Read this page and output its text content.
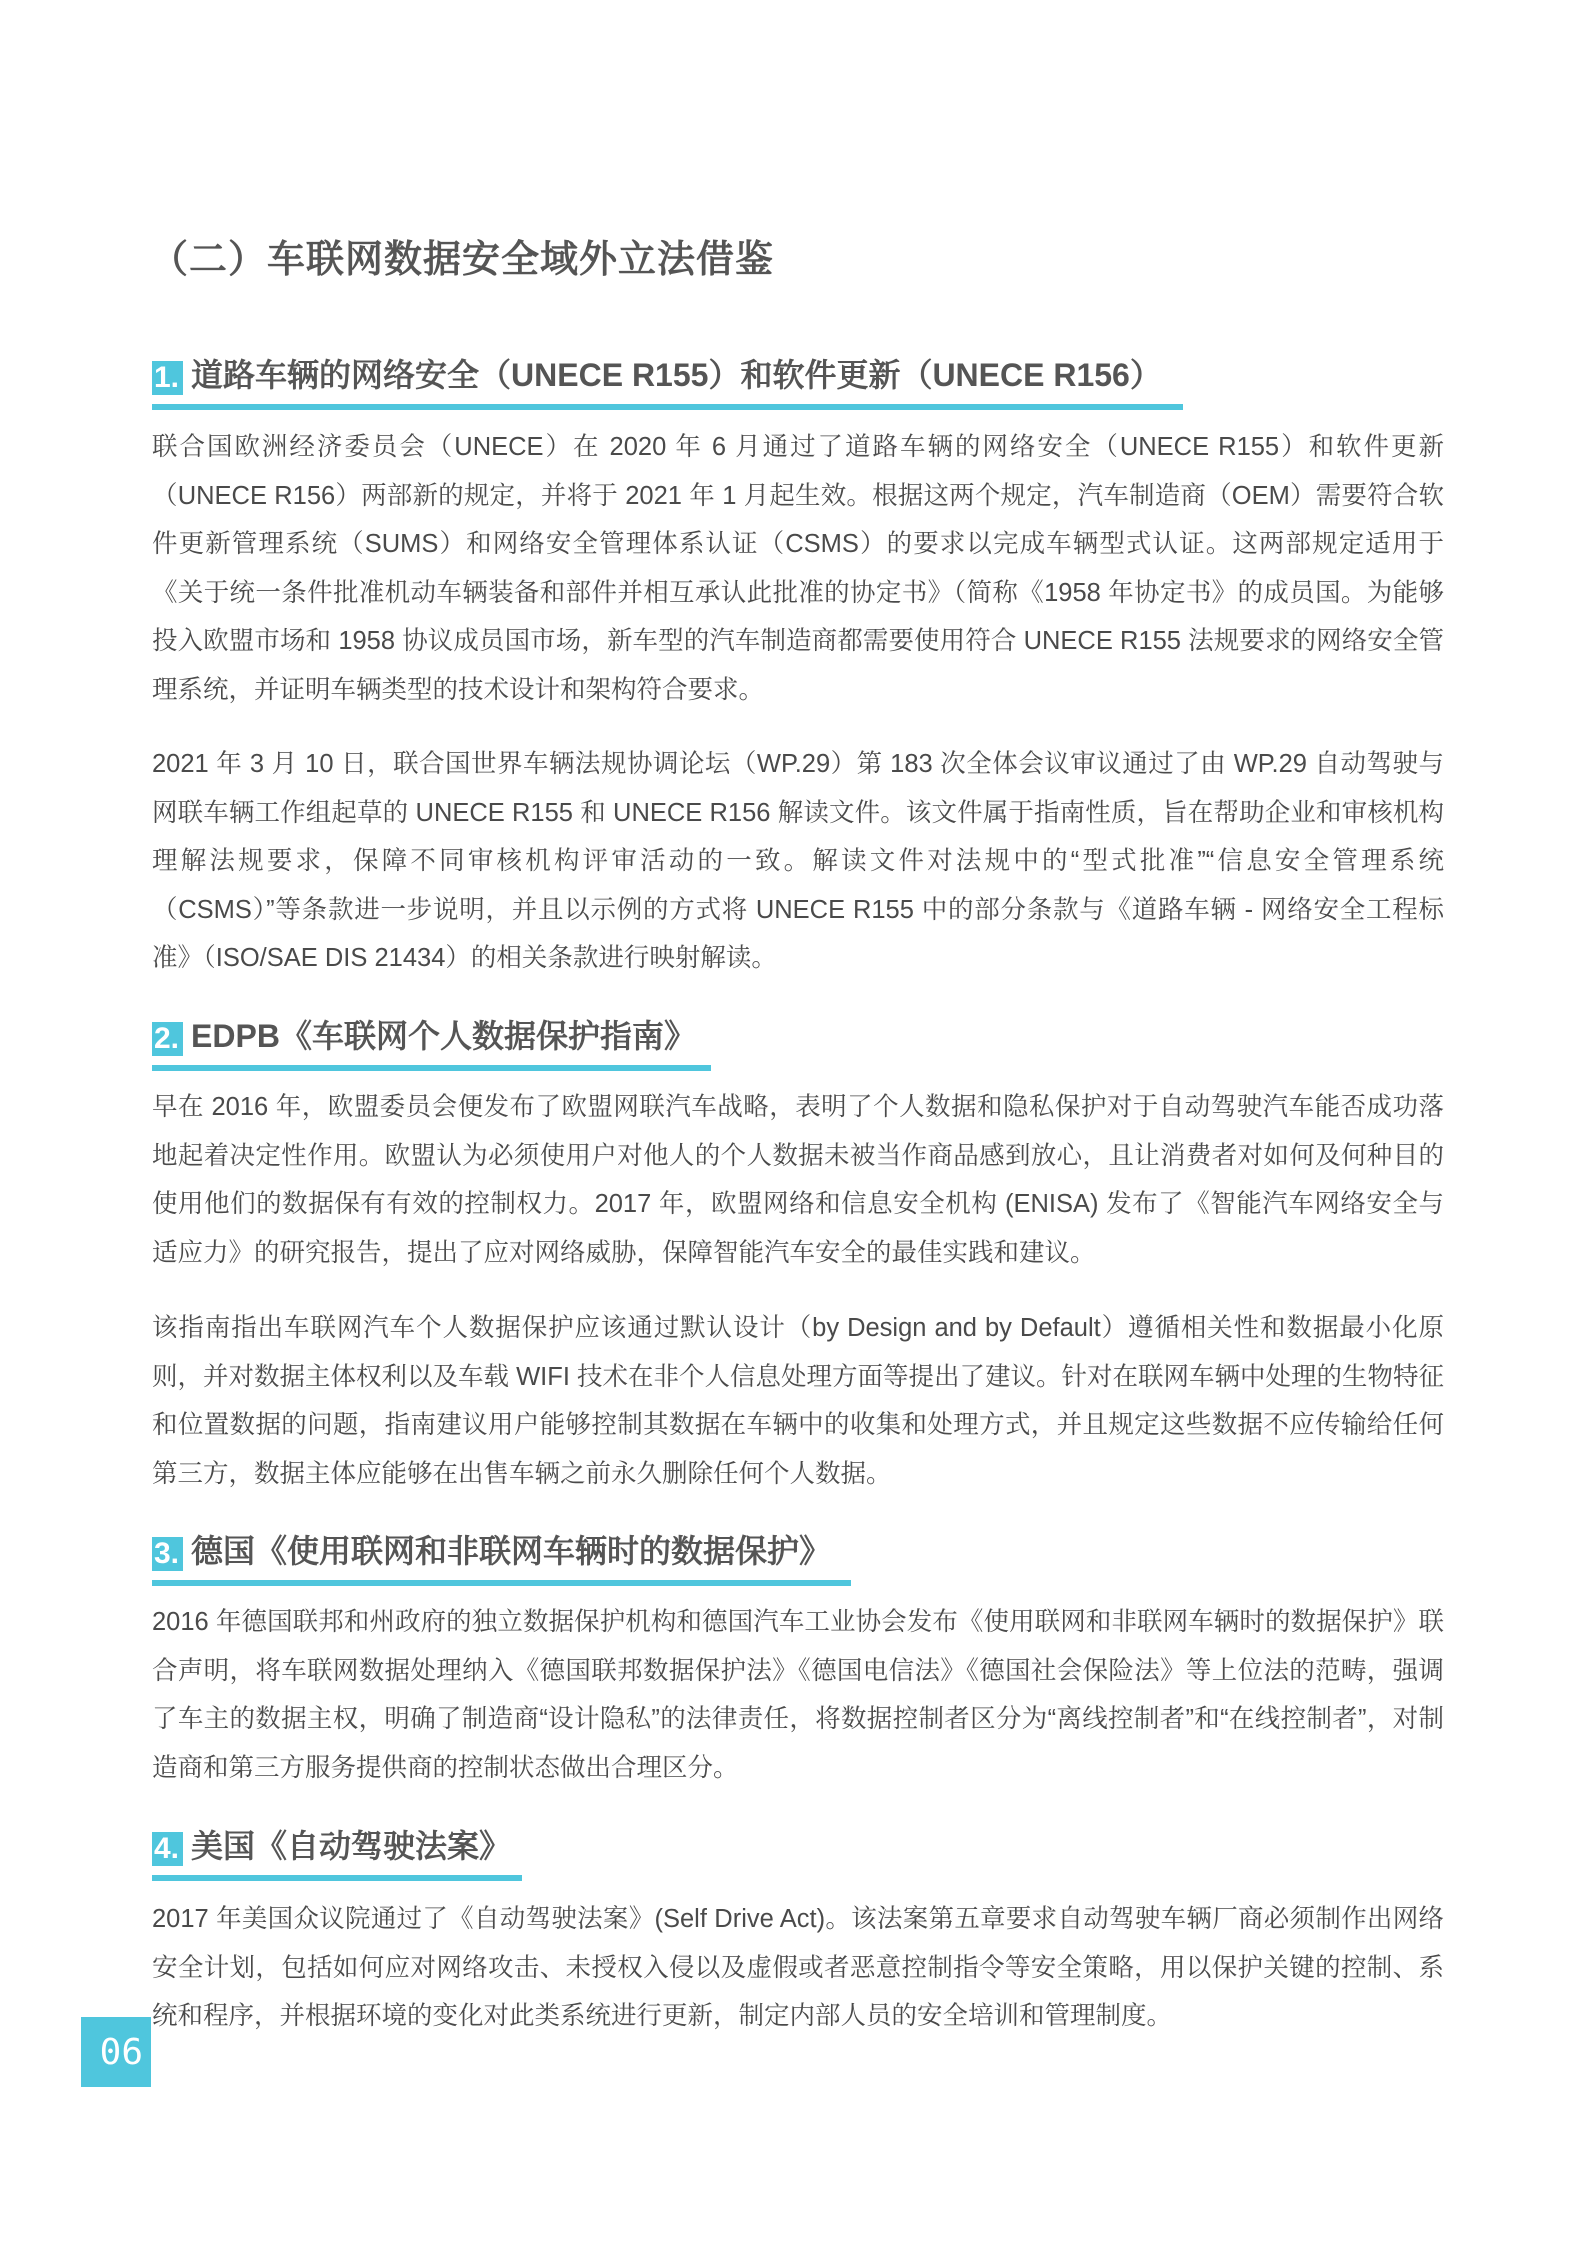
（二）车联网数据安全域外立法借鉴
1. 道路车辆的网络安全（UNECE R155）和软件更新（UNECE R156）
联合国欧洲经济委员会（UNECE）在 2020 年 6 月通过了道路车辆的网络安全（UNECE R155）和软件更新（UNECE R156）两部新的规定，并将于 2021 年 1 月起生效。根据这两个规定，汽车制造商（OEM）需要符合软件更新管理系统（SUMS）和网络安全管理体系认证（CSMS）的要求以完成车辆型式认证。这两部规定适用于《关于统一条件批准机动车辆装备和部件并相互承认此批准的协定书》（简称《1958 年协定书》的成员国。为能够投入欧盟市场和 1958 协议成员国市场，新车型的汽车制造商都需要使用符合 UNECE R155 法规要求的网络安全管理系统，并证明车辆类型的技术设计和架构符合要求。
2021 年 3 月 10 日，联合国世界车辆法规协调论坛（WP.29）第 183 次全体会议审议通过了由 WP.29 自动驾驶与网联车辆工作组起草的 UNECE R155 和 UNECE R156 解读文件。该文件属于指南性质，旨在帮助企业和审核机构理解法规要求，保障不同审核机构评审活动的一致。解读文件对法规中的“型式批准”“信息安全管理系统（CSMS）”等条款进一步说明，并且以示例的方式将 UNECE R155 中的部分条款与《道路车辆 - 网络安全工程标准》（ISO/SAE DIS 21434）的相关条款进行映射解读。
2. EDPB《车联网个人数据保护指南》
早在 2016 年，欧盟委员会便发布了欧盟网联汽车战略，表明了个人数据和隐私保护对于自动驾驶汽车能否成功落地起着决定性作用。欧盟认为必须使用户对他人的个人数据未被当作商品感到放心，且让消费者对如何及何种目的使用他们的数据保有有效的控制权力。2017 年，欧盟网络和信息安全机构 (ENISA) 发布了《智能汽车网络安全与适应力》的研究报告，提出了应对网络威胁，保障智能汽车安全的最佳实践和建议。
该指南指出车联网汽车个人数据保护应该通过默认设计（by Design and by Default）遵循相关性和数据最小化原则，并对数据主体权利以及车载 WIFI 技术在非个人信息处理方面等提出了建议。针对在联网车辆中处理的生物特征和位置数据的问题，指南建议用户能够控制其数据在车辆中的收集和处理方式，并且规定这些数据不应传输给任何第三方，数据主体应能够在出售车辆之前永久删除任何个人数据。
3. 德国《使用联网和非联网车辆时的数据保护》
2016 年德国联邦和州政府的独立数据保护机构和德国汽车工业协会发布《使用联网和非联网车辆时的数据保护》联合声明，将车联网数据处理纳入《德国联邦数据保护法》《德国电信法》《德国社会保险法》等上位法的范畴，强调了车主的数据主权，明确了制造商“设计隐私”的法律责任，将数据控制者区分为“离线控制者”和“在线控制者”，对制造商和第三方服务提供商的控制状态做出合理区分。
4. 美国《自动驾驶法案》
2017 年美国众议院通过了《自动驾驶法案》(Self Drive Act)。该法案第五章要求自动驾驶车辆厂商必须制作出网络安全计划，包括如何应对网络攻击、未授权入侵以及虚假或者恶意控制指令等安全策略，用以保护关键的控制、系统和程序，并根据环境的变化对此类系统进行更新，制定内部人员的安全培训和管理制度。
06
